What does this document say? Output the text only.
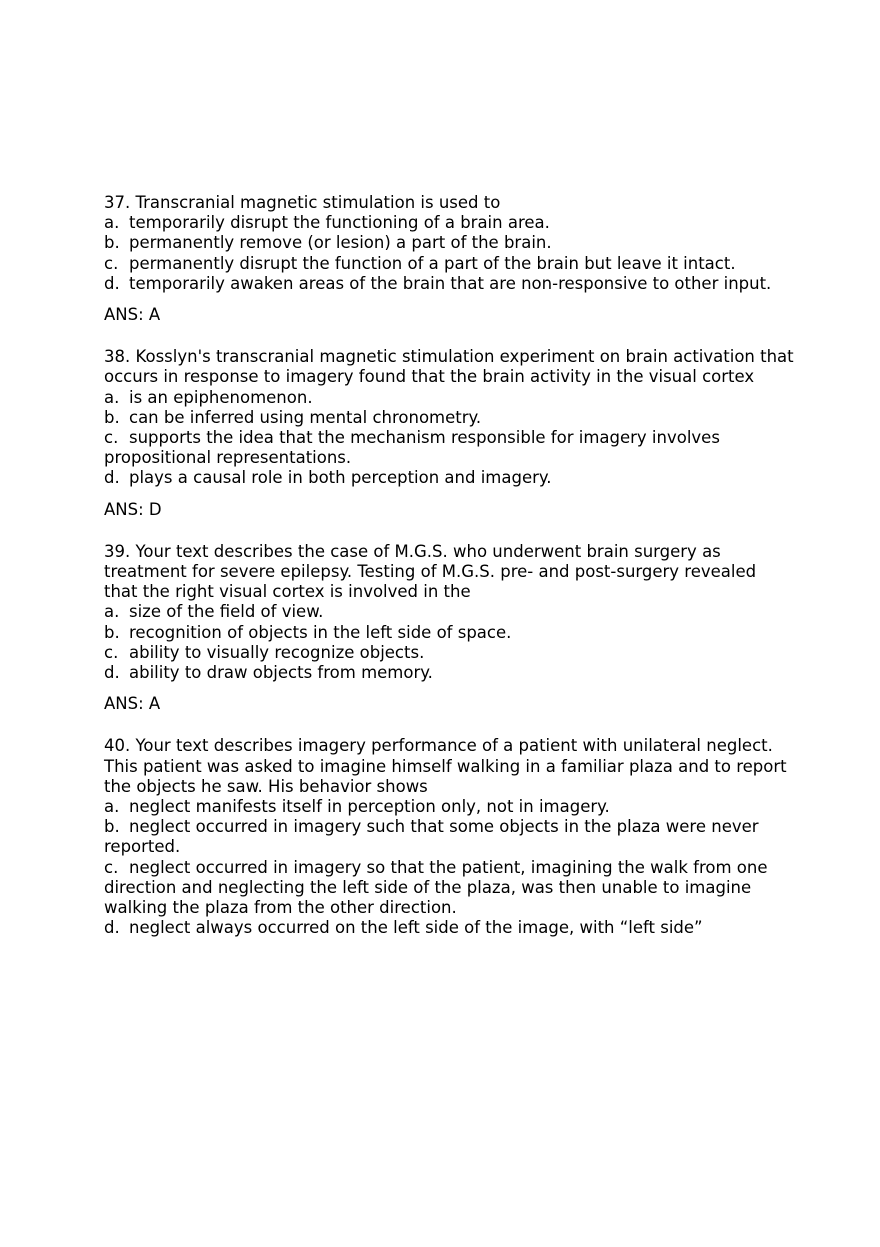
37. Transcranial magnetic stimulation is used to

a. temporarily disrupt the functioning of a brain area.

b. permanently remove (or lesion) a part of the brain.

c. permanently disrupt the function of a part of the brain but leave it intact.

d. temporarily awaken areas of the brain that are non-responsive to other input.

ANS: A

38. Kosslyn's transcranial magnetic stimulation experiment on brain activation that occurs in response to imagery found that the brain activity in the visual cortex

a. is an epiphenomenon.

b. can be inferred using mental chronometry.

c. supports the idea that the mechanism responsible for imagery involves propositional representations.

d. plays a causal role in both perception and imagery.

ANS: D

39. Your text describes the case of M.G.S. who underwent brain surgery as treatment for severe epilepsy. Testing of M.G.S. pre- and post-surgery revealed that the right visual cortex is involved in the

a. size of the field of view.

b. recognition of objects in the left side of space.

c. ability to visually recognize objects.

d. ability to draw objects from memory.

ANS: A

40. Your text describes imagery performance of a patient with unilateral neglect. This patient was asked to imagine himself walking in a familiar plaza and to report the objects he saw. His behavior shows

a. neglect manifests itself in perception only, not in imagery.

b. neglect occurred in imagery such that some objects in the plaza were never reported.

c. neglect occurred in imagery so that the patient, imagining the walk from one direction and neglecting the left side of the plaza, was then unable to imagine walking the plaza from the other direction.

d. neglect always occurred on the left side of the image, with “left side”
